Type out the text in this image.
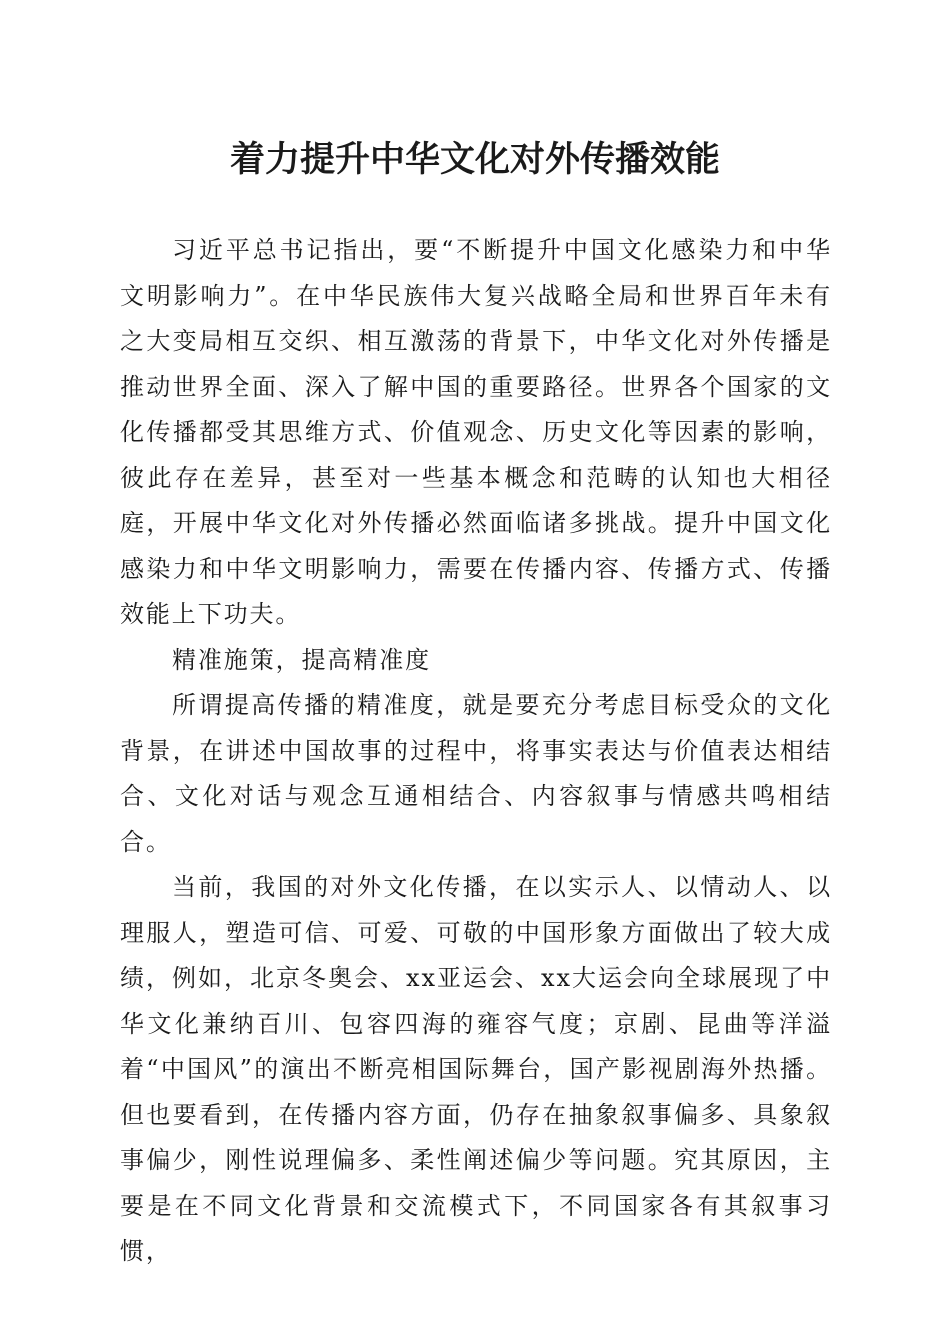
着力提升中华文化对外传播效能

习近平总书记指出，要“不断提升中国文化感染力和中华文明影响力”。在中华民族伟大复兴战略全局和世界百年未有之大变局相互交织、相互激荡的背景下，中华文化对外传播是推动世界全面、深入了解中国的重要路径。世界各个国家的文化传播都受其思维方式、价值观念、历史文化等因素的影响，彼此存在差异，甚至对一些基本概念和范畴的认知也大相径庭，开展中华文化对外传播必然面临诸多挑战。提升中国文化感染力和中华文明影响力，需要在传播内容、传播方式、传播效能上下功夫。

精准施策，提高精准度

所谓提高传播的精准度，就是要充分考虑目标受众的文化背景，在讲述中国故事的过程中，将事实表达与价值表达相结合、文化对话与观念互通相结合、内容叙事与情感共鸣相结合。

当前，我国的对外文化传播，在以实示人、以情动人、以理服人，塑造可信、可爱、可敬的中国形象方面做出了较大成绩，例如，北京冬奥会、xx亚运会、xx大运会向全球展现了中华文化兼纳百川、包容四海的雍容气度；京剧、昆曲等洋溢着“中国风”的演出不断亮相国际舞台，国产影视剧海外热播。但也要看到，在传播内容方面，仍存在抽象叙事偏多、具象叙事偏少，刚性说理偏多、柔性阐述偏少等问题。究其原因，主要是在不同文化背景和交流模式下，不同国家各有其叙事习惯，
